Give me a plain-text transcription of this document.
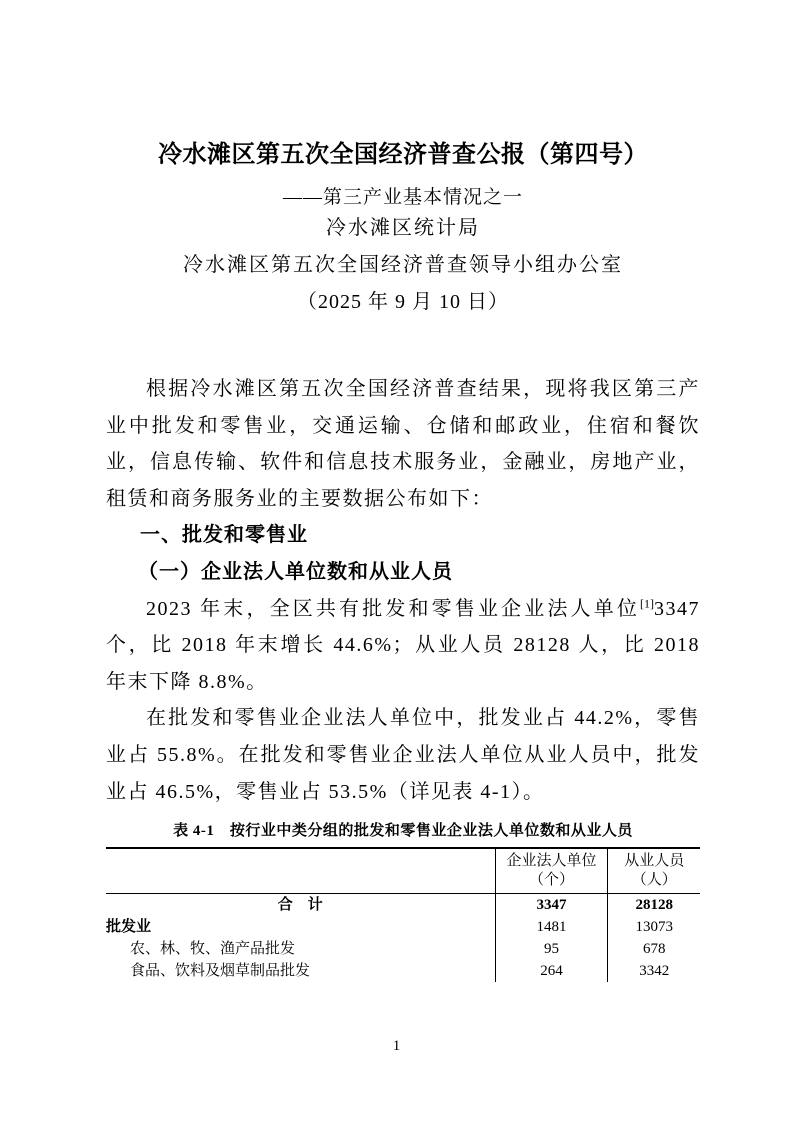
冷水滩区第五次全国经济普查公报（第四号）
——第三产业基本情况之一
冷水滩区统计局
冷水滩区第五次全国经济普查领导小组办公室
（2025 年 9 月 10 日）

根据冷水滩区第五次全国经济普查结果，现将我区第三产业中批发和零售业，交通运输、仓储和邮政业，住宿和餐饮业，信息传输、软件和信息技术服务业，金融业，房地产业，租赁和商务服务业的主要数据公布如下：

一、批发和零售业
（一）企业法人单位数和从业人员

2023 年末，全区共有批发和零售业企业法人单位[1]3347 个，比 2018 年末增长 44.6%；从业人员 28128 人，比 2018 年末下降 8.8%。

在批发和零售业企业法人单位中，批发业占 44.2%，零售业占 55.8%。在批发和零售业企业法人单位从业人员中，批发业占 46.5%，零售业占 53.5%（详见表 4-1）。

表 4-1　按行业中类分组的批发和零售业企业法人单位数和从业人员

企业法人单位
（个）

从业人员
（人）

合　计	3347	28128
批发业	1481	13073
农、林、牧、渔产品批发	95	678
食品、饮料及烟草制品批发	264	3342
1
